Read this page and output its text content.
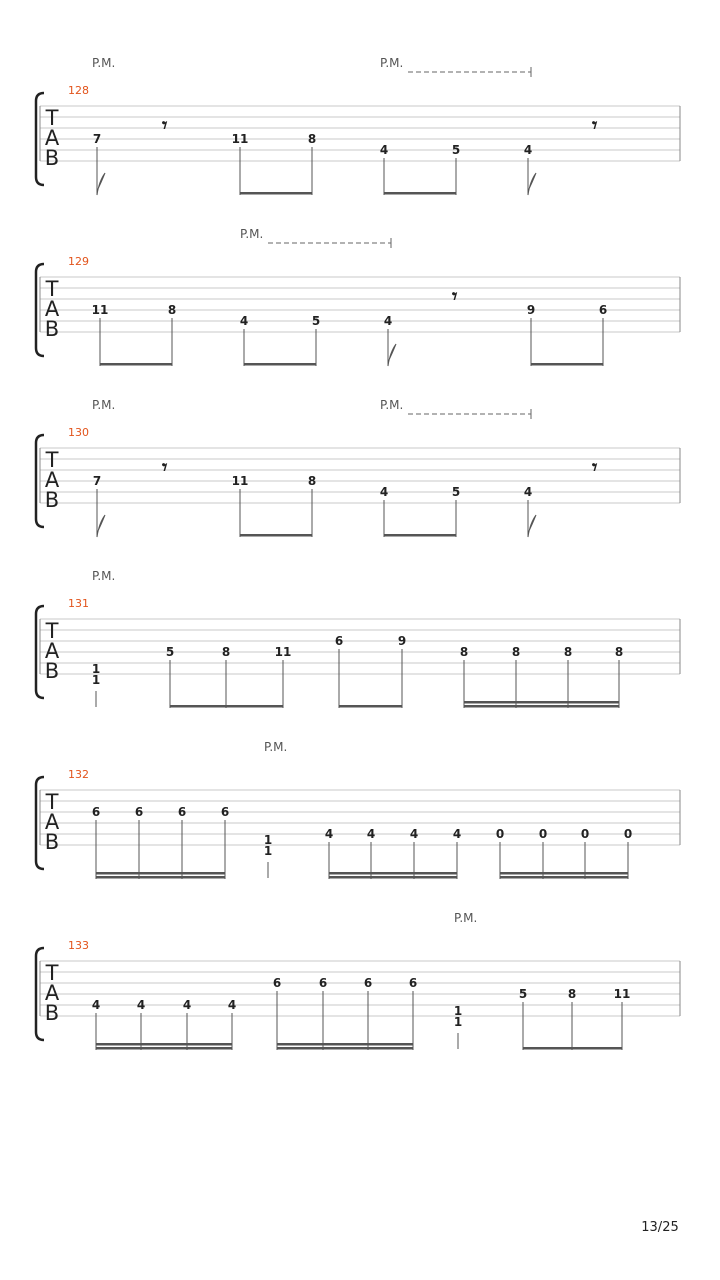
T
A
B
128
P.M.	P.M.
7
𝄾
11	8
4	5	4
𝄾
T
A
B
129
P.M.
11	8
4	5	4
𝄾
9	6
T
A
B
130
P.M.	P.M.
7
𝄾
11	8
4	5	4
𝄾
T
A
B
131
P.M.
1
1
5	8	11
6	9
8	8	8	8
T
A
B
132
P.M.
6	6	6	6
1
1
4	4	4	4	0	0	0	0
T
A
B
133
P.M.
4	4	4	4
6	6	6	6
1
1
5	8	11
13/25
